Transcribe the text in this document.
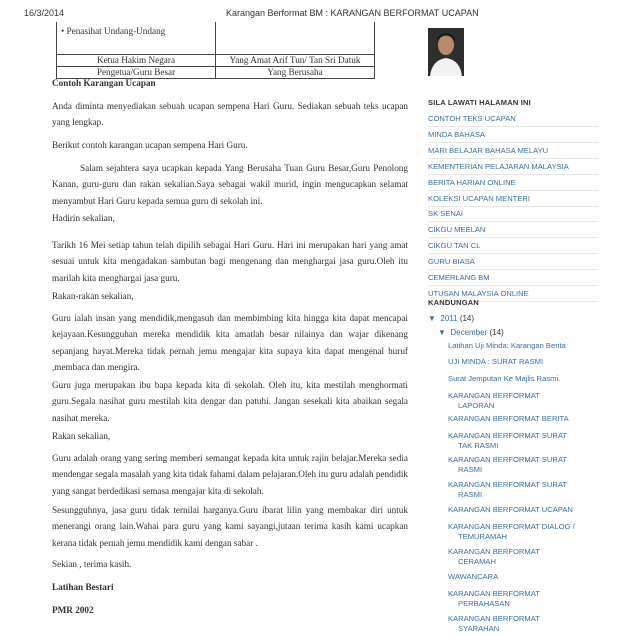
16/3/2014	Karangan Berformat BM : KARANGAN BERFORMAT UCAPAN
• Penasihat Undang-Undang	
Ketua Hakim Negara	Yang Amat Arif Tun/ Tan Sri Datuk
Pengetua/Guru Besar	Yang Berusaha

Contoh Karangan Ucapan

Anda diminta menyediakan sebuah ucapan sempena Hari Guru. Sediakan sebuah teks ucapan yang lengkap.

Berikut contoh karangan ucapan sempena Hari Guru.

Salam sejahtera saya ucapkan kepada Yang Berusaha Tuan Guru Besar,Guru Penolong Kanan, guru-guru dan rakan sekalian.Saya sebagai wakil murid, ingin mengucapkan selamat menyambut Hari Guru kepada semua guru di sekolah ini.

Hadirin sekalian,

Tarikh 16 Mei setiap tahun telah dipilih sebagai Hari Guru. Hari ini merupakan hari yang amat sesuai untuk kita mengadakan sambutan bagi mengenang dan menghargai jasa guru.Oleh itu marilah kita menghargai jasa guru.

Rakan-rakan sekalian,

Guru ialah insan yang mendidik,mengasuh dan membimbing kita hingga kita dapat mencapai kejayaan.Kesungguhan mereka mendidik kita amatlah besar nilainya dan wajar dikenang sepanjang hayat.Mereka tidak pernah jemu mengajar kita supaya kita dapat mengenal huruf ,membaca dan mengira.

Guru juga merupakan ibu bapa kepada kita di sekolah. Oleh itu, kita mestilah menghormati guru.Segala nasihat guru mestilah kita dengar dan patuhi. Jangan sesekali kita abaikan segala nasihat mereka.

Rakan sekalian,

Guru adalah orang yang sering memberi semangat kepada kita untuk rajin belajar.Mereka sedia mendengar segala masalah yang kita tidak fahami dalam pelajaran.Oleh itu guru adalah pendidik yang sangat berdedikasi semasa mengajar kita di sekolah.

Sesungguhnya, jasa guru tidak ternilai harganya.Guru ibarat lilin yang membakar diri untuk menerangi orang lain.Wahai para guru yang kami sayangi,jutaan terima kasih kami ucapkan kerana tidak pernah jemu mendidik kami dengan sabar .

Sekian , terima kasih.

Latihan Bestari

PMR 2002

SILA LAWATI HALAMAN INI
CONTOH TEKS UCAPAN
MINDA BAHASA
MARI BELAJAR BAHASA MELAYU
KEMENTERIAN PELAJARAN MALAYSIA
BERITA HARIAN ONLINE
KOLEKSI UCAPAN MENTERI
SK SENAI
CIKGU MEELAN
CIKGU TAN CL
GURU BIASA
CEMERLANG BM
UTUSAN MALAYSIA ONLINE
KANDUNGAN
▼ 2011 (14)
▼ December (14)
Latihan Uji Minda: Karangan Berita
UJI MINDA : SURAT RASMI
Surat Jemputan Ke Majlis Rasmi.
KARANGAN BERFORMAT
LAPORAN
KARANGAN BERFORMAT BERITA
KARANGAN BERFORMAT SURAT
TAK RASMI
KARANGAN BERFORMAT SURAT
RASMI
KARANGAN BERFORMAT SURAT
RASMI
KARANGAN BERFORMAT UCAPAN
KARANGAN BERFORMAT DIALOG /
TEMURAMAH
KARANGAN BERFORMAT
CERAMAH
WAWANCARA
KARANGAN BERFORMAT
PERBAHASAN
KARANGAN BERFORMAT
SYARAHAN
